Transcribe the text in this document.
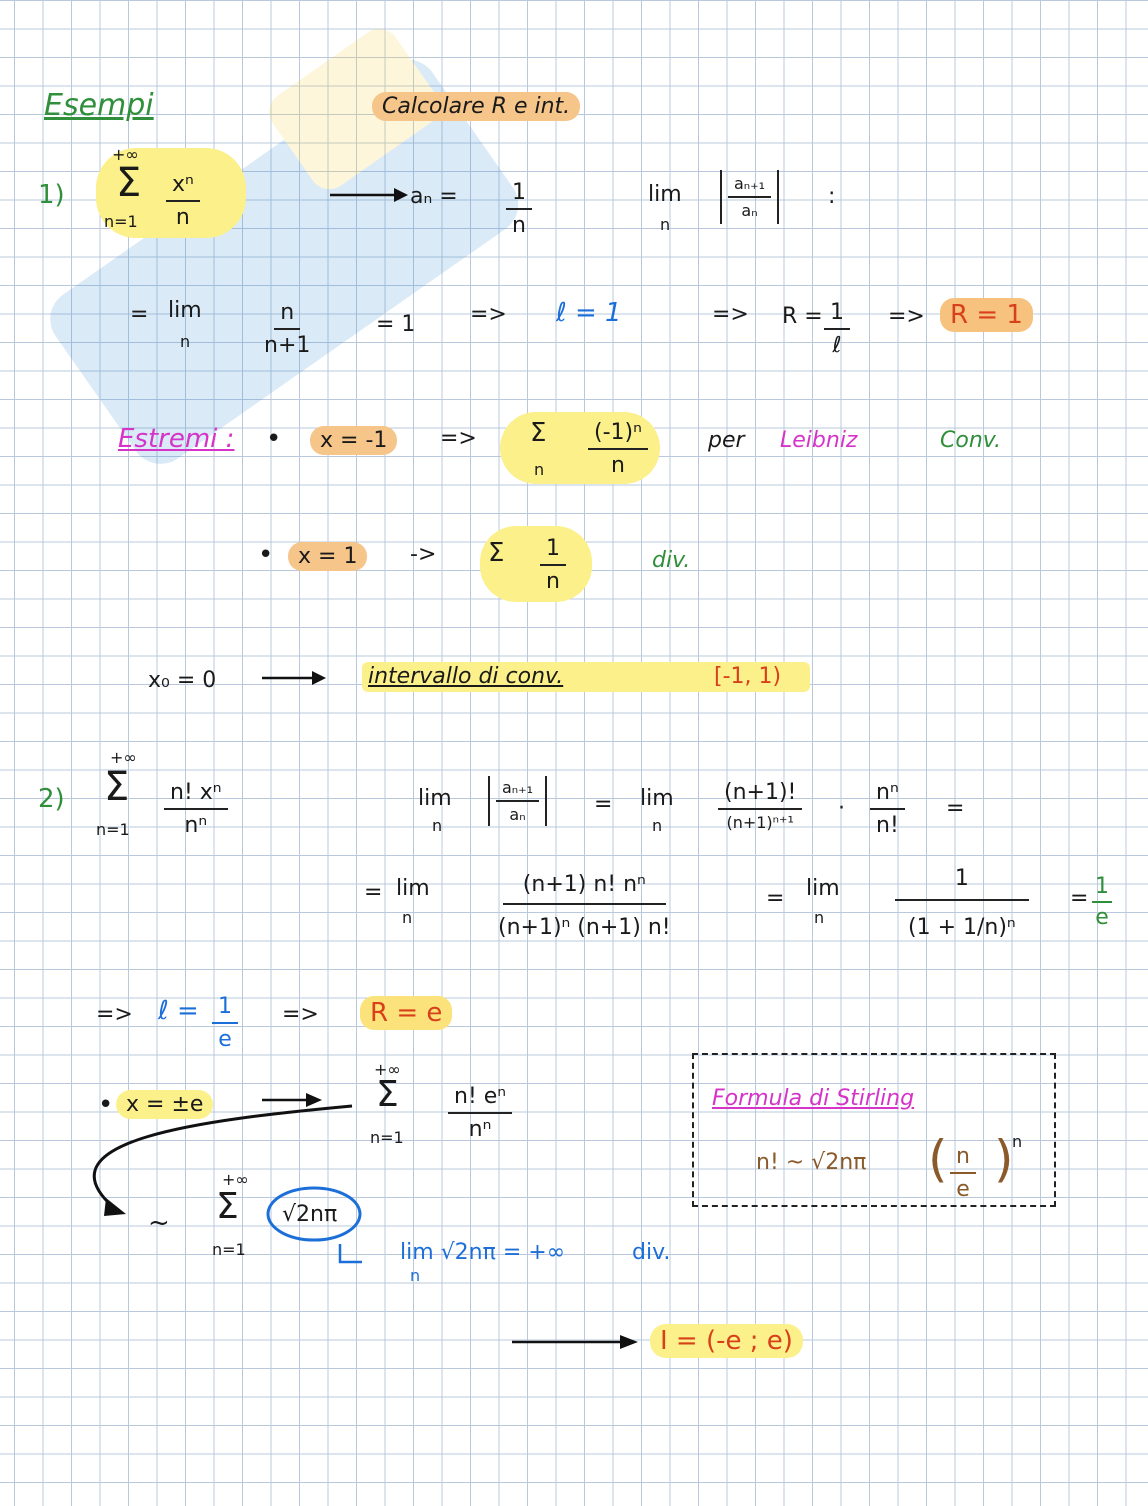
Esempi	Calcolare R e int.
1)
+∞
Σ
$n=1 \frac{\text{xⁿ}}{n}$	$a_n = \frac{1}{n}$	lim
n
$\frac{\text{aₙ₊₁}}{\text{aₙ}}$	:
= lim
n	$\frac{n}{n+1}$	= 1 => ℓ = 1	=> $R = \frac{1}{\text{ℓ}} => R = 1$
Estremi : •	x = -1	=> Σ
n $\frac{\text{(-1)ⁿ}}{n}$	per Leibniz	Conv.
•	x = 1	-> Σ $\frac{1}{n}$	div.
x₀ = 0	intervallo di conv.	[-1, 1)
2)
+∞
Σ
$n=1 \frac{\text{n! xⁿ}}{\text{nⁿ}}$	lim
n
$\frac{\text{aₙ₊₁}}{\text{aₙ}} = \lim$
n	$\frac{(n+1)!}{\text{(n+1)ⁿ⁺¹}} \cdot \frac{\text{nⁿ}}{n!}$ =
= lim
n	$\frac{\text{(n+1) n! nⁿ}}{\text{(n+1)ⁿ (n+1) n!}}$	= lim
n	$\frac{1}{\text{(1 + 1/n)ⁿ}} = \frac{1}{e}$
=> ℓ = $\frac{1}{e}$ =>	R = e
• x = ±e
+∞
Σ
$n=1 \frac{\text{n! eⁿ}}{\text{nⁿ}}$
~
+∞
Σ
n=1
√2nπ
lim √2nπ = +∞
n
div.
Formula di Stirling
n! ~ √2nπ ( $\frac{n}{e}$ )
n
I = (-e ; e)
